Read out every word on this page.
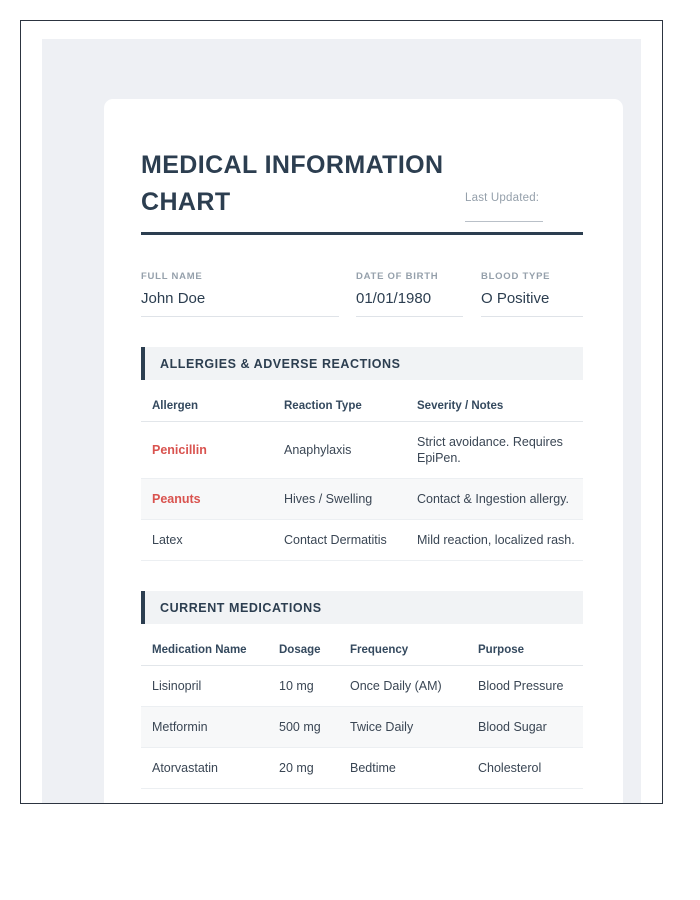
MEDICAL INFORMATION CHART	Last Updated:
FULL NAME
John Doe
DATE OF BIRTH
01/01/1980
BLOOD TYPE
O Positive
ALLERGIES & ADVERSE REACTIONS
Allergen	Reaction Type	Severity / Notes
Penicillin	Anaphylaxis	Strict avoidance. Requires EpiPen.
Peanuts	Hives / Swelling	Contact & Ingestion allergy.
Latex	Contact Dermatitis	Mild reaction, localized rash.
CURRENT MEDICATIONS
Medication Name	Dosage	Frequency	Purpose
Lisinopril	10 mg	Once Daily (AM)	Blood Pressure
Metformin	500 mg	Twice Daily	Blood Sugar
Atorvastatin	20 mg	Bedtime	Cholesterol
